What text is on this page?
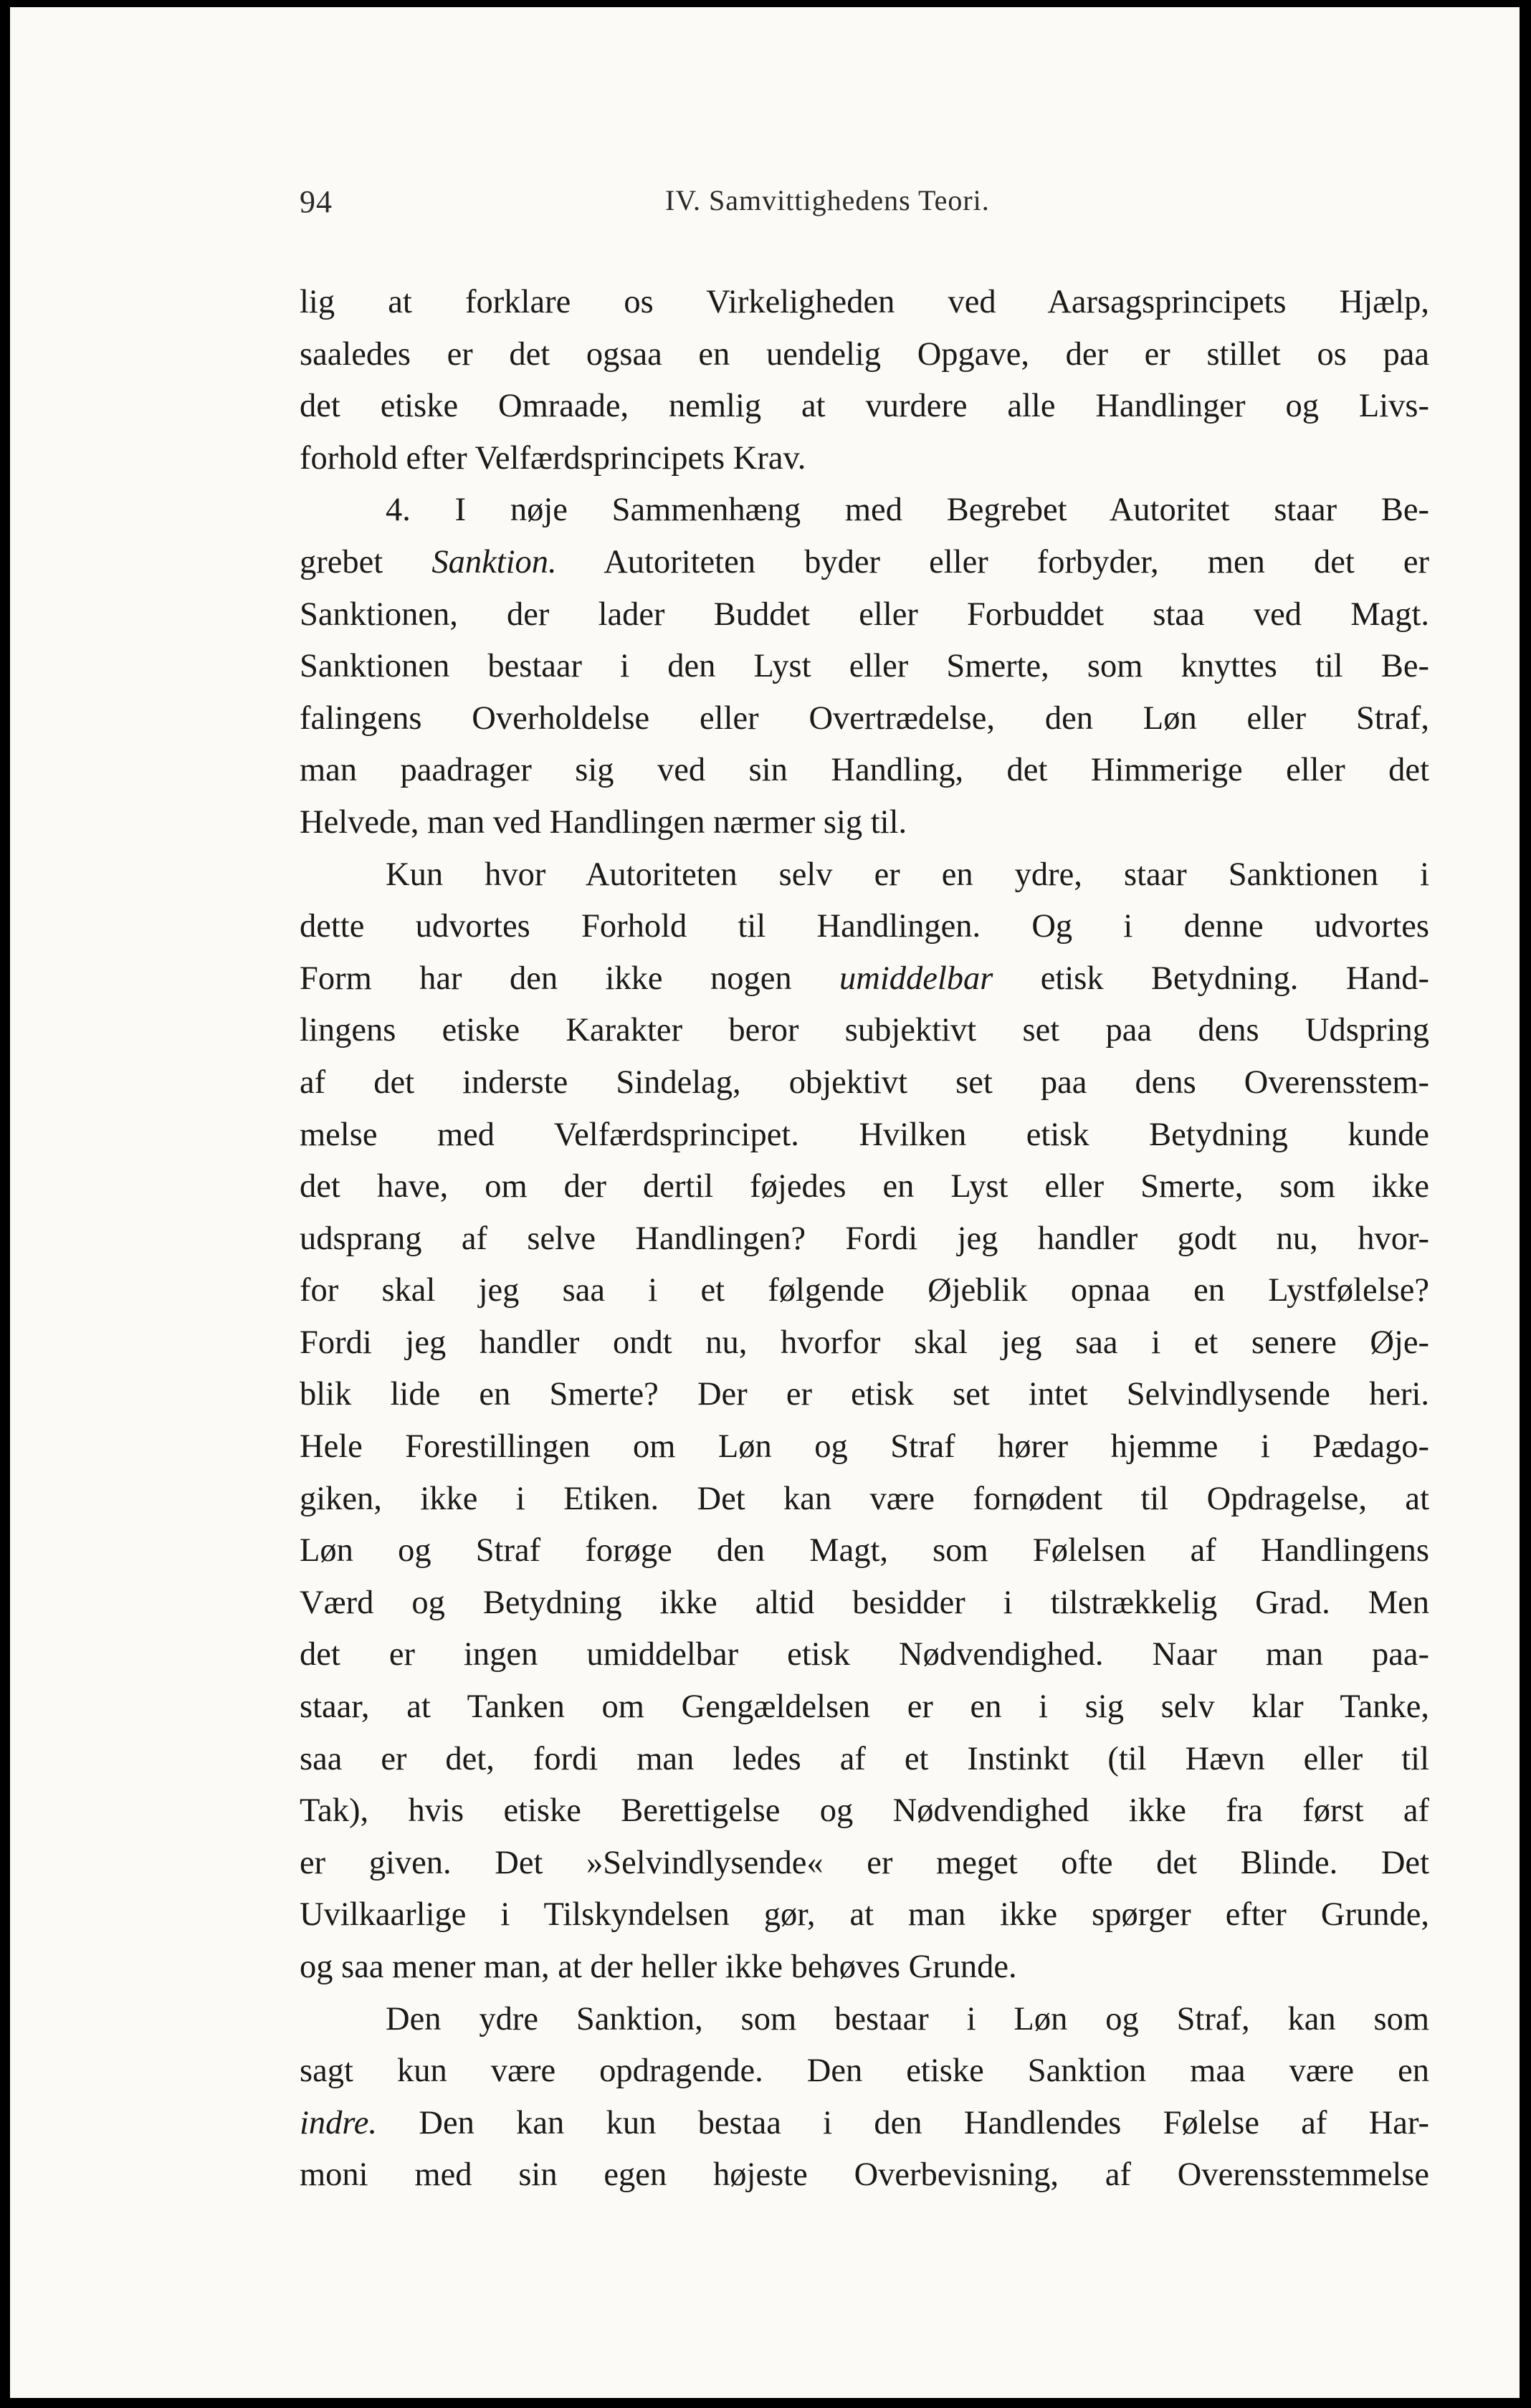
94	IV. Samvittighedens Teori.
lig at forklare os Virkeligheden ved Aarsagsprincipets Hjælp,
saaledes er det ogsaa en uendelig Opgave, der er stillet os paa
det etiske Omraade, nemlig at vurdere alle Handlinger og Livs-
forhold efter Velfærdsprincipets Krav.
4. I nøje Sammenhæng med Begrebet Autoritet staar Be-
grebet Sanktion. Autoriteten byder eller forbyder, men det er
Sanktionen, der lader Buddet eller Forbuddet staa ved Magt.
Sanktionen bestaar i den Lyst eller Smerte, som knyttes til Be-
falingens Overholdelse eller Overtrædelse, den Løn eller Straf,
man paadrager sig ved sin Handling, det Himmerige eller det
Helvede, man ved Handlingen nærmer sig til.
Kun hvor Autoriteten selv er en ydre, staar Sanktionen i
dette udvortes Forhold til Handlingen. Og i denne udvortes
Form har den ikke nogen umiddelbar etisk Betydning. Hand-
lingens etiske Karakter beror subjektivt set paa dens Udspring
af det inderste Sindelag, objektivt set paa dens Overensstem-
melse med Velfærdsprincipet. Hvilken etisk Betydning kunde
det have, om der dertil føjedes en Lyst eller Smerte, som ikke
udsprang af selve Handlingen? Fordi jeg handler godt nu, hvor-
for skal jeg saa i et følgende Øjeblik opnaa en Lystfølelse?
Fordi jeg handler ondt nu, hvorfor skal jeg saa i et senere Øje-
blik lide en Smerte? Der er etisk set intet Selvindlysende heri.
Hele Forestillingen om Løn og Straf hører hjemme i Pædago-
giken, ikke i Etiken. Det kan være fornødent til Opdragelse, at
Løn og Straf forøge den Magt, som Følelsen af Handlingens
Værd og Betydning ikke altid besidder i tilstrækkelig Grad. Men
det er ingen umiddelbar etisk Nødvendighed. Naar man paa-
staar, at Tanken om Gengældelsen er en i sig selv klar Tanke,
saa er det, fordi man ledes af et Instinkt (til Hævn eller til
Tak), hvis etiske Berettigelse og Nødvendighed ikke fra først af
er given. Det »Selvindlysende« er meget ofte det Blinde. Det
Uvilkaarlige i Tilskyndelsen gør, at man ikke spørger efter Grunde,
og saa mener man, at der heller ikke behøves Grunde.
Den ydre Sanktion, som bestaar i Løn og Straf, kan som
sagt kun være opdragende. Den etiske Sanktion maa være en
indre. Den kan kun bestaa i den Handlendes Følelse af Har-
moni med sin egen højeste Overbevisning, af Overensstemmelse
